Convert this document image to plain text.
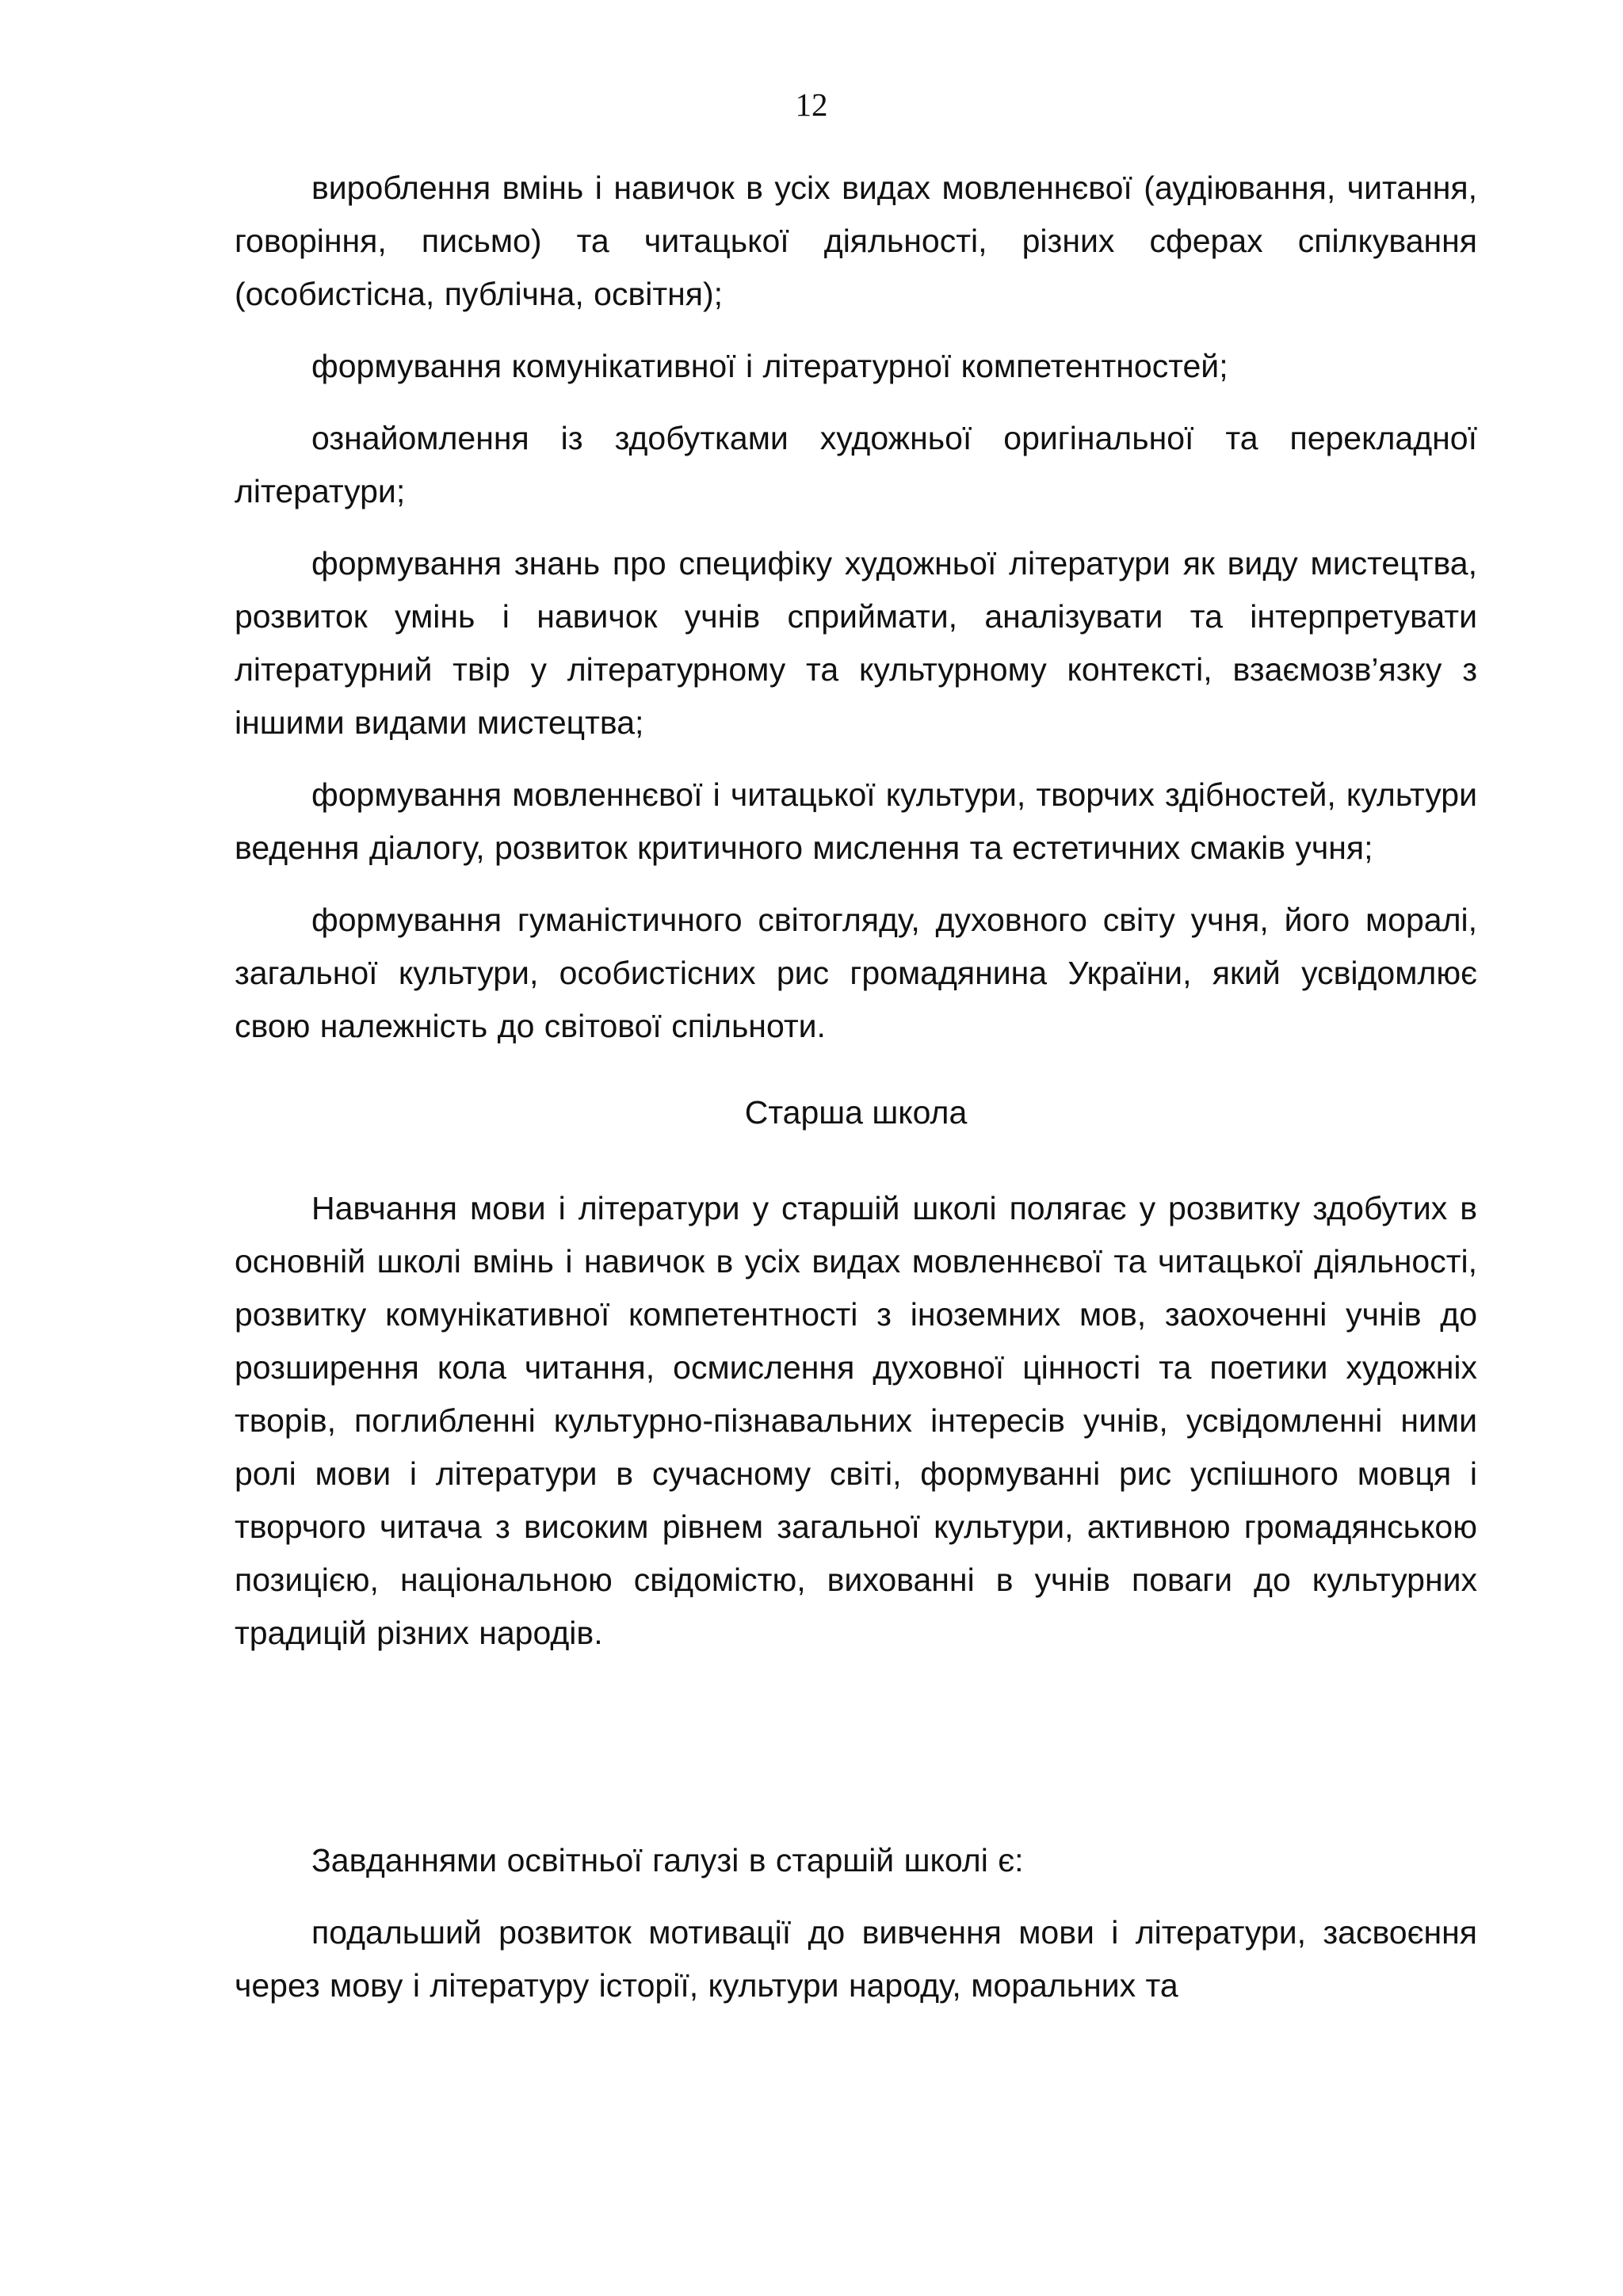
12

вироблення вмінь і навичок в усіх видах мовленнєвої (аудіювання, читання, говоріння, письмо) та читацької діяльності, різних сферах спілкування (особистісна, публічна, освітня);

формування комунікативної і літературної компетентностей;

ознайомлення із здобутками художньої оригінальної та перекладної літератури;

формування знань про специфіку художньої літератури як виду мистецтва, розвиток умінь і навичок учнів сприймати, аналізувати та інтерпретувати літературний твір у літературному та культурному контексті, взаємозв’язку з іншими видами мистецтва;

формування мовленнєвої і читацької культури, творчих здібностей, культури ведення діалогу, розвиток критичного мислення та естетичних смаків учня;

формування гуманістичного світогляду, духовного світу учня, його моралі, загальної культури, особистісних рис громадянина України, який усвідомлює свою належність до світової спільноти.

Старша школа

Навчання мови і літератури у старшій школі полягає у розвитку здобутих в основній школі вмінь і навичок в усіх видах мовленнєвої та читацької діяльності, розвитку комунікативної компетентності з іноземних мов, заохоченні учнів до розширення кола читання, осмислення духовної цінності та поетики художніх творів, поглибленні культурно-пізнавальних інтересів учнів, усвідомленні ними ролі мови і літератури в сучасному світі, формуванні рис успішного мовця і творчого читача з високим рівнем загальної культури, активною громадянською позицією, національною свідомістю, вихованні в учнів поваги до культурних традицій різних народів.

Завданнями освітньої галузі в старшій школі є:

подальший розвиток мотивації до вивчення мови і літератури, засвоєння через мову і літературу історії, культури народу, моральних та
